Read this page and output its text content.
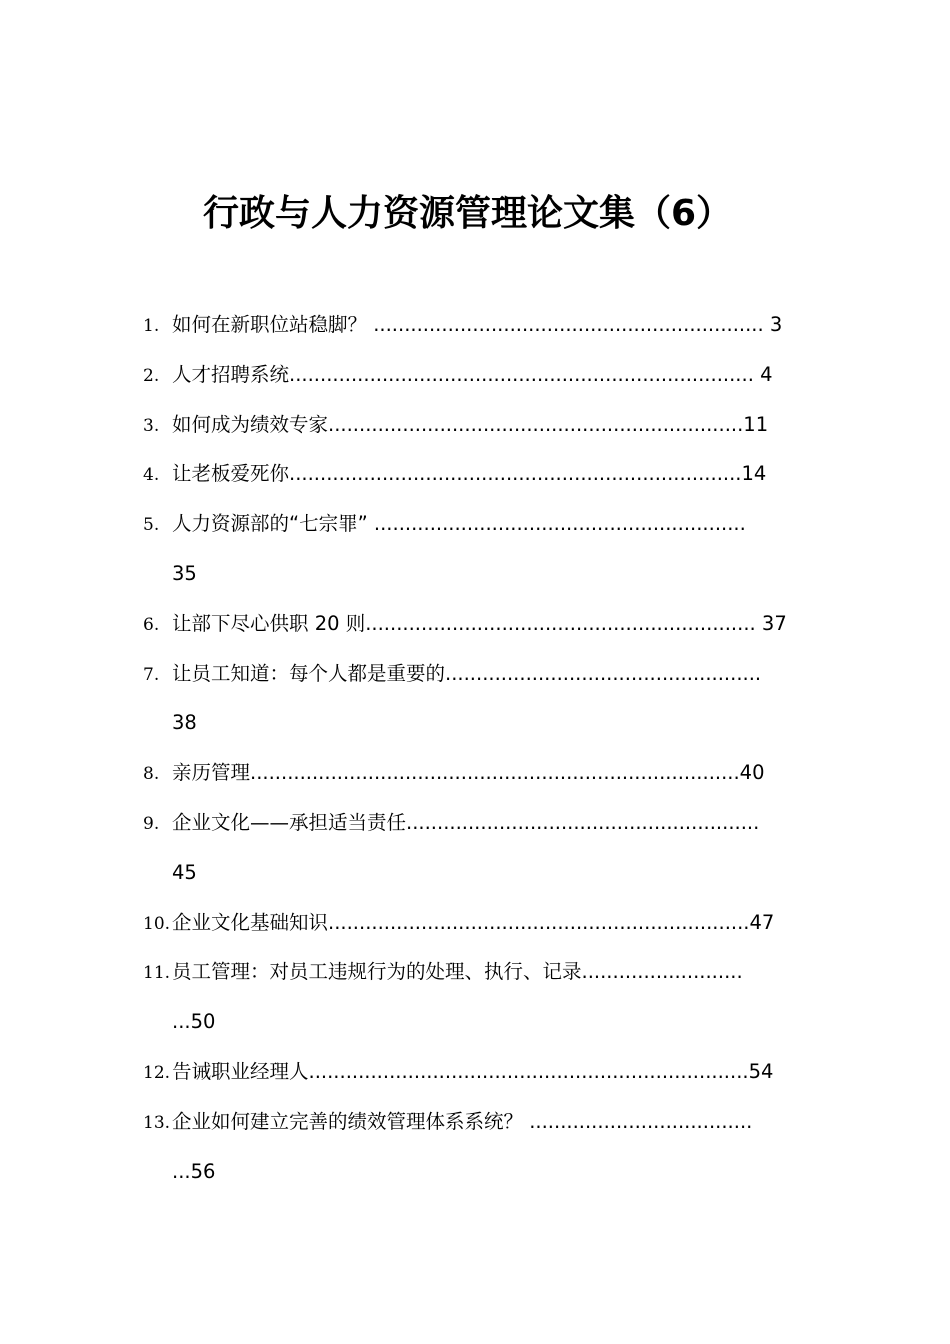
行政与人力资源管理论文集（6）
1. 如何在新职位站稳脚？ ............................................................... 3
2. 人才招聘系统........................................................................... 4
3. 如何成为绩效专家...................................................................11
4. 让老板爱死你.........................................................................14
5. 人力资源部的“七宗罪” ............................................................
35
6. 让部下尽心供职 20 则............................................................... 37
7. 让员工知道：每个人都是重要的...................................................
38
8. 亲历管理...............................................................................40
9. 企业文化——承担适当责任.........................................................
45
10. 企业文化基础知识....................................................................47
11. 员工管理：对员工违规行为的处理、执行、记录..........................
...50
12. 告诫职业经理人.......................................................................54
13. 企业如何建立完善的绩效管理体系系统？ ....................................
...56
